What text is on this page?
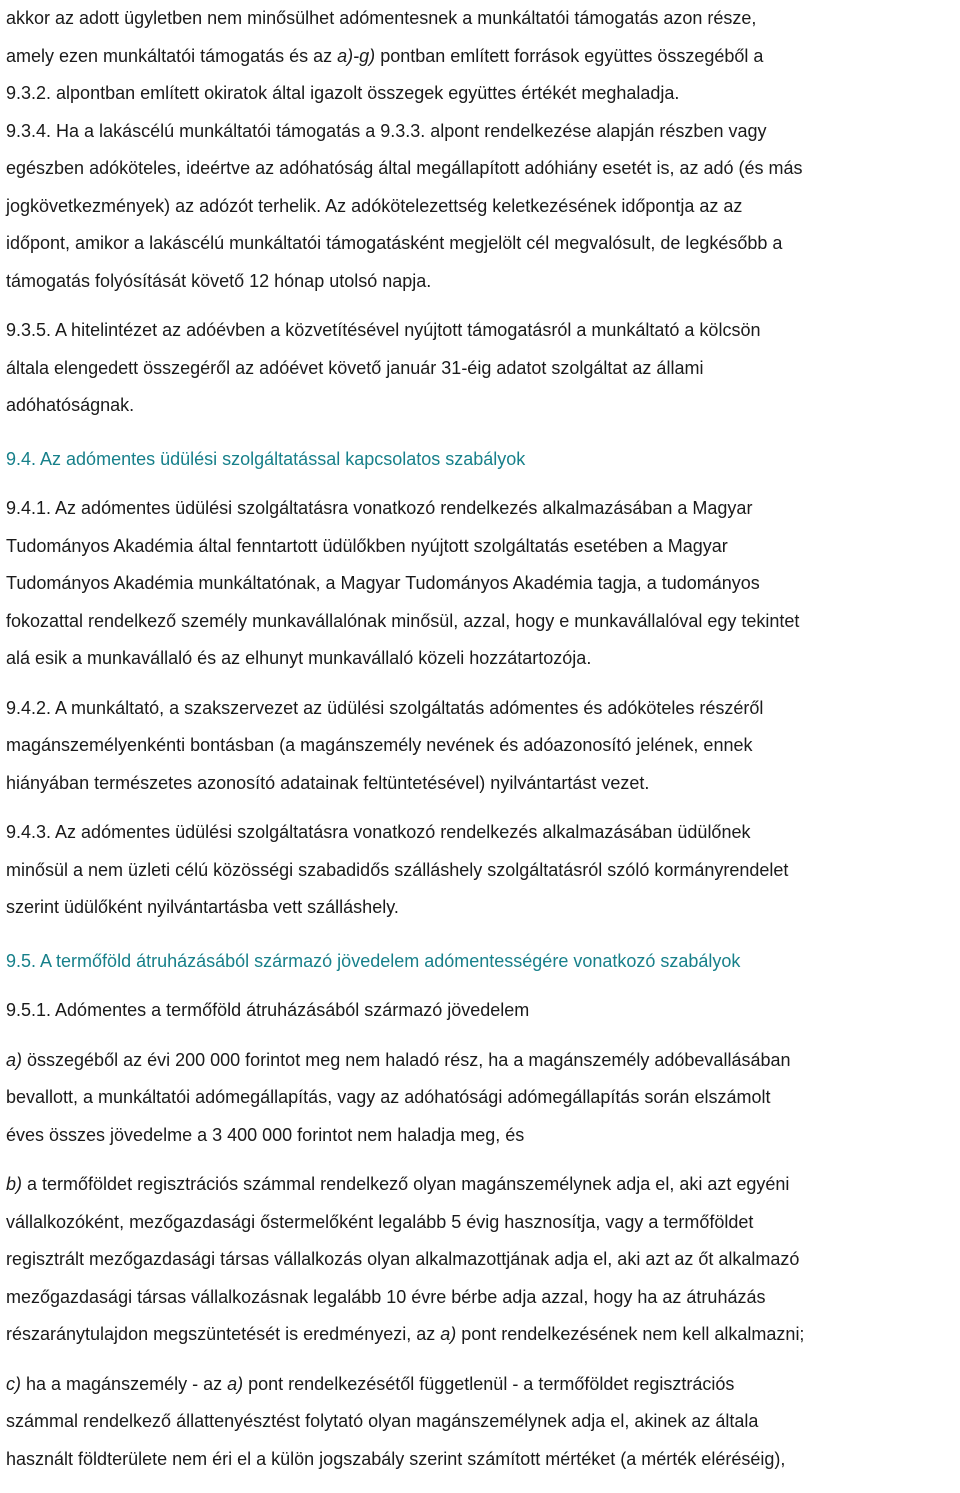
akkor az adott ügyletben nem minősülhet adómentesnek a munkáltatói támogatás azon része,

amely ezen munkáltatói támogatás és az a)-g) pontban említett források együttes összegéből a

9.3.2. alpontban említett okiratok által igazolt összegek együttes értékét meghaladja.

9.3.4. Ha a lakáscélú munkáltatói támogatás a 9.3.3. alpont rendelkezése alapján részben vagy

egészben adóköteles, ideértve az adóhatóság által megállapított adóhiány esetét is, az adó (és más

jogkövetkezmények) az adózót terhelik. Az adókötelezettség keletkezésének időpontja az az

időpont, amikor a lakáscélú munkáltatói támogatásként megjelölt cél megvalósult, de legkésőbb a

támogatás folyósítását követő 12 hónap utolsó napja.

9.3.5. A hitelintézet az adóévben a közvetítésével nyújtott támogatásról a munkáltató a kölcsön

általa elengedett összegéről az adóévet követő január 31-éig adatot szolgáltat az állami

adóhatóságnak.

9.4. Az adómentes üdülési szolgáltatással kapcsolatos szabályok

9.4.1. Az adómentes üdülési szolgáltatásra vonatkozó rendelkezés alkalmazásában a Magyar

Tudományos Akadémia által fenntartott üdülőkben nyújtott szolgáltatás esetében a Magyar

Tudományos Akadémia munkáltatónak, a Magyar Tudományos Akadémia tagja, a tudományos

fokozattal rendelkező személy munkavállalónak minősül, azzal, hogy e munkavállalóval egy tekintet

alá esik a munkavállaló és az elhunyt munkavállaló közeli hozzátartozója.

9.4.2. A munkáltató, a szakszervezet az üdülési szolgáltatás adómentes és adóköteles részéről

magánszemélyenkénti bontásban (a magánszemély nevének és adóazonosító jelének, ennek

hiányában természetes azonosító adatainak feltüntetésével) nyilvántartást vezet.

9.4.3. Az adómentes üdülési szolgáltatásra vonatkozó rendelkezés alkalmazásában üdülőnek

minősül a nem üzleti célú közösségi szabadidős szálláshely szolgáltatásról szóló kormányrendelet

szerint üdülőként nyilvántartásba vett szálláshely.

9.5. A termőföld átruházásából származó jövedelem adómentességére vonatkozó szabályok

9.5.1. Adómentes a termőföld átruházásából származó jövedelem

a) összegéből az évi 200 000 forintot meg nem haladó rész, ha a magánszemély adóbevallásában

bevallott, a munkáltatói adómegállapítás, vagy az adóhatósági adómegállapítás során elszámolt

éves összes jövedelme a 3 400 000 forintot nem haladja meg, és

b) a termőföldet regisztrációs számmal rendelkező olyan magánszemélynek adja el, aki azt egyéni

vállalkozóként, mezőgazdasági őstermelőként legalább 5 évig hasznosítja, vagy a termőföldet

regisztrált mezőgazdasági társas vállalkozás olyan alkalmazottjának adja el, aki azt az őt alkalmazó

mezőgazdasági társas vállalkozásnak legalább 10 évre bérbe adja azzal, hogy ha az átruházás

részaránytulajdon megszüntetését is eredményezi, az a) pont rendelkezésének nem kell alkalmazni;

c) ha a magánszemély - az a) pont rendelkezésétől függetlenül - a termőföldet regisztrációs

számmal rendelkező állattenyésztést folytató olyan magánszemélynek adja el, akinek az általa

használt földterülete nem éri el a külön jogszabály szerint számított mértéket (a mérték eléréséig),
